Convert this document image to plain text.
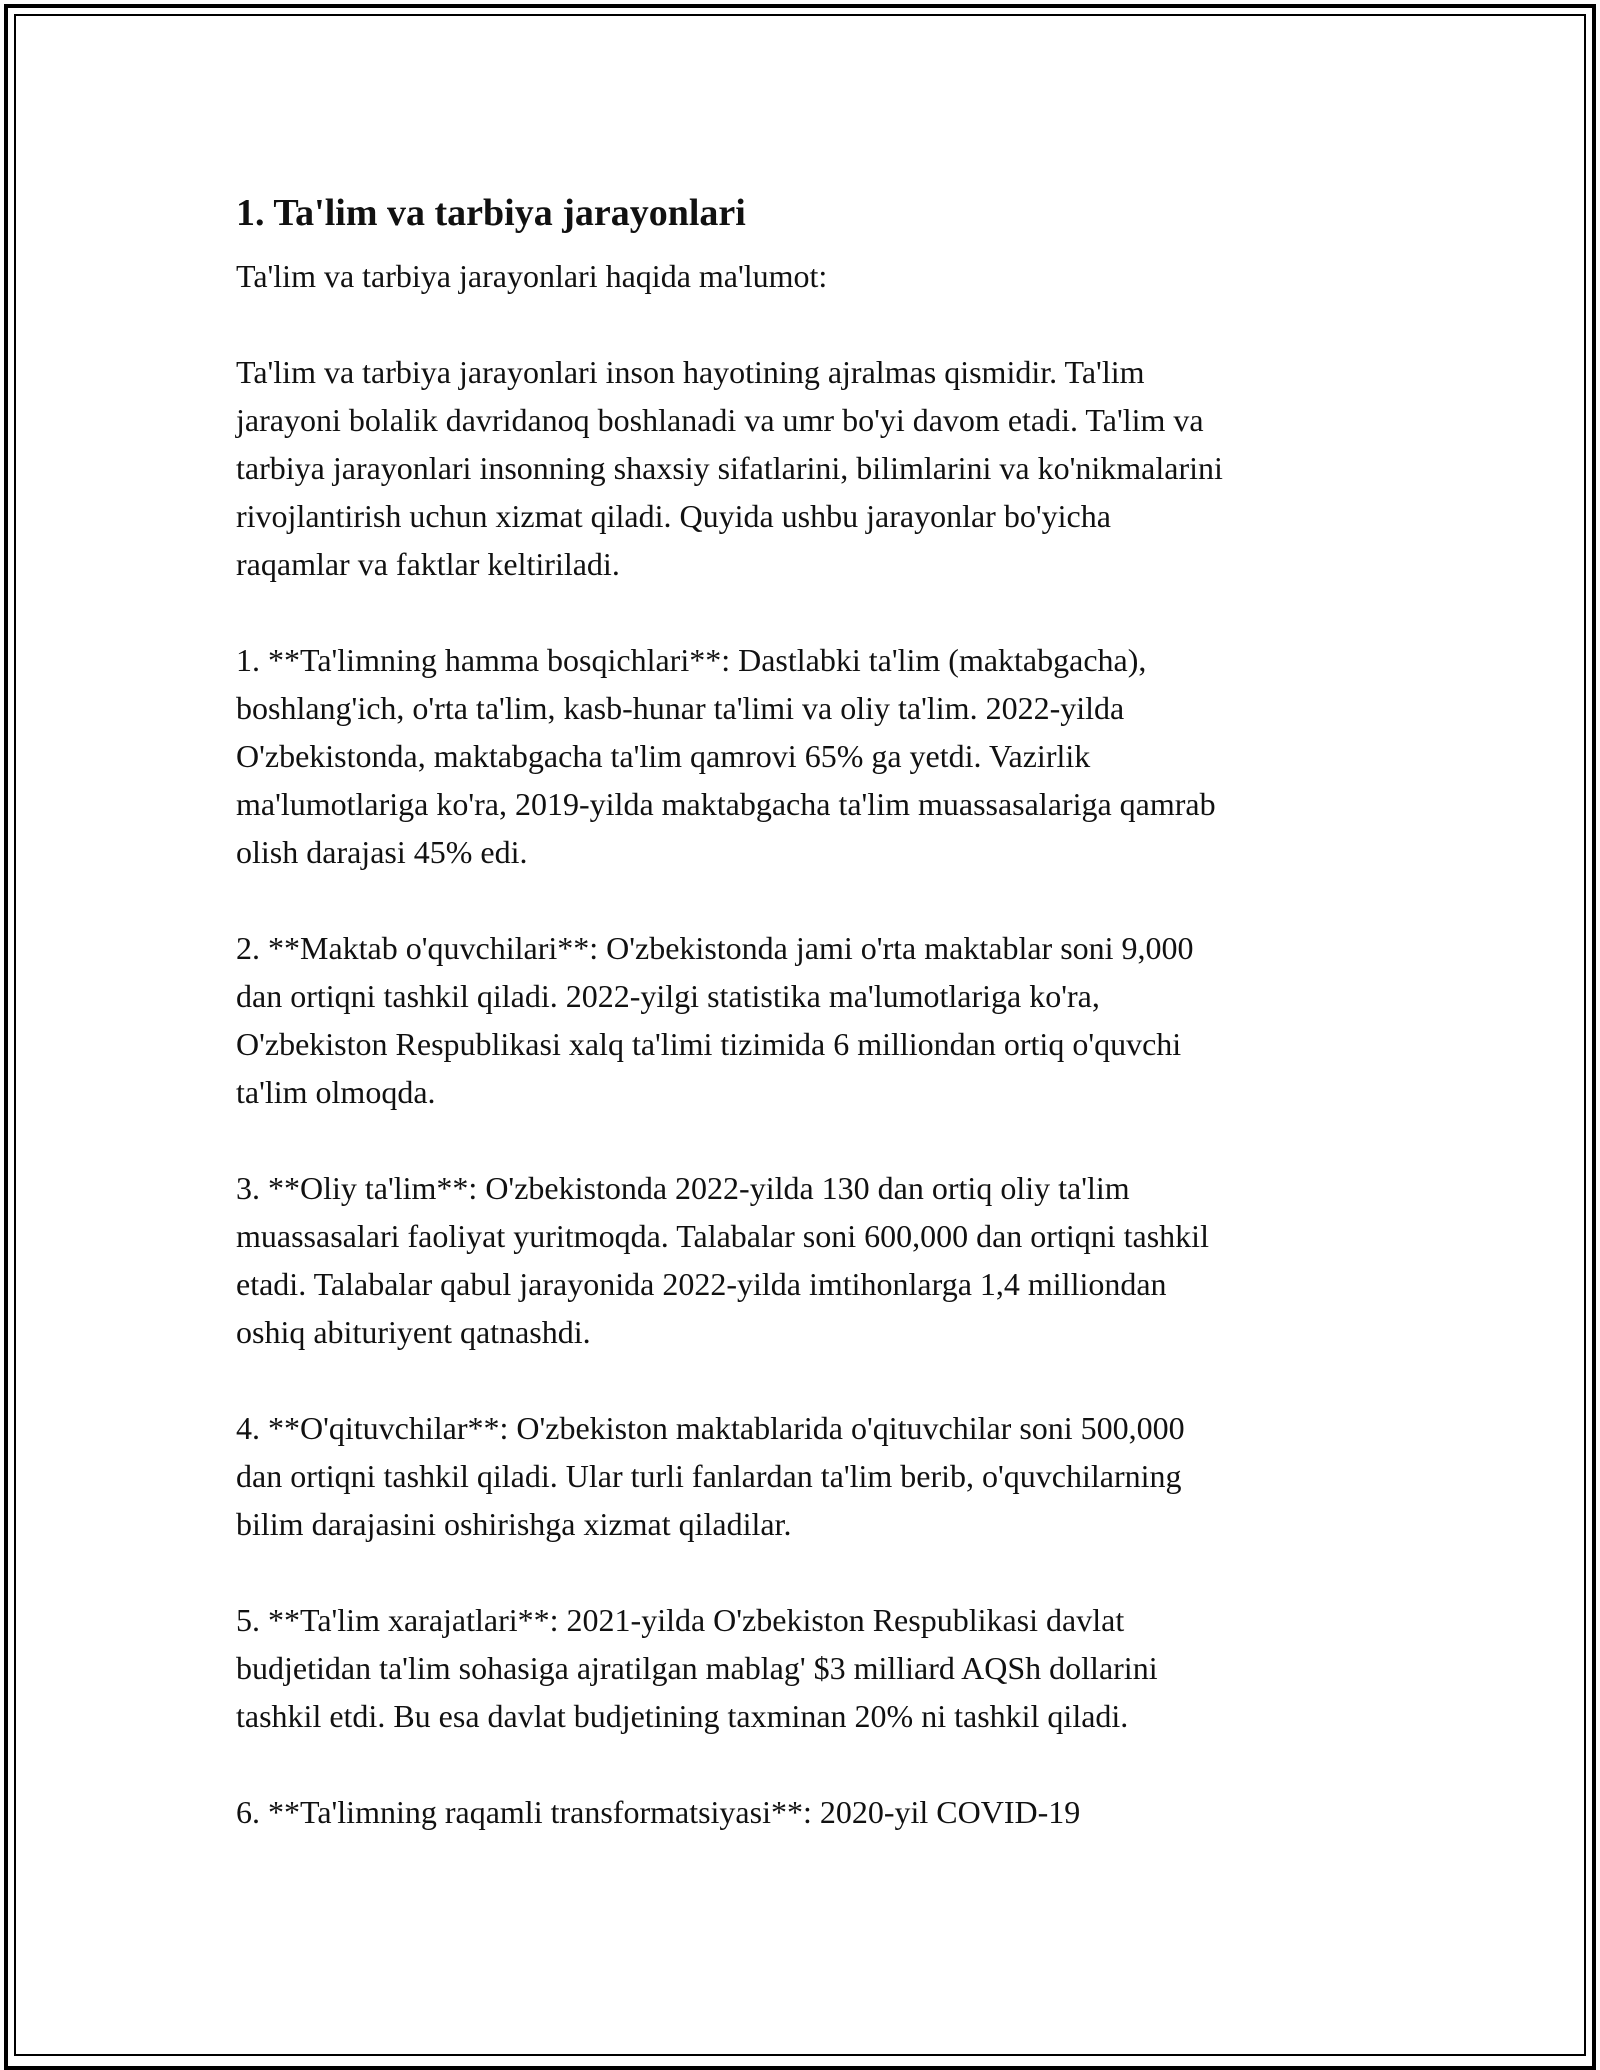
1. Ta'lim va tarbiya jarayonlari

Ta'lim va tarbiya jarayonlari haqida ma'lumot:

Ta'lim va tarbiya jarayonlari inson hayotining ajralmas qismidir. Ta'lim
jarayoni bolalik davridanoq boshlanadi va umr bo'yi davom etadi. Ta'lim va
tarbiya jarayonlari insonning shaxsiy sifatlarini, bilimlarini va ko'nikmalarini
rivojlantirish uchun xizmat qiladi. Quyida ushbu jarayonlar bo'yicha
raqamlar va faktlar keltiriladi.

1. **Ta'limning hamma bosqichlari**: Dastlabki ta'lim (maktabgacha),
boshlang'ich, o'rta ta'lim, kasb-hunar ta'limi va oliy ta'lim. 2022-yilda
O'zbekistonda, maktabgacha ta'lim qamrovi 65% ga yetdi. Vazirlik
ma'lumotlariga ko'ra, 2019-yilda maktabgacha ta'lim muassasalariga qamrab
olish darajasi 45% edi.

2. **Maktab o'quvchilari**: O'zbekistonda jami o'rta maktablar soni 9,000
dan ortiqni tashkil qiladi. 2022-yilgi statistika ma'lumotlariga ko'ra,
O'zbekiston Respublikasi xalq ta'limi tizimida 6 milliondan ortiq o'quvchi
ta'lim olmoqda.

3. **Oliy ta'lim**: O'zbekistonda 2022-yilda 130 dan ortiq oliy ta'lim
muassasalari faoliyat yuritmoqda. Talabalar soni 600,000 dan ortiqni tashkil
etadi. Talabalar qabul jarayonida 2022-yilda imtihonlarga 1,4 milliondan
oshiq abituriyent qatnashdi.

4. **O'qituvchilar**: O'zbekiston maktablarida o'qituvchilar soni 500,000
dan ortiqni tashkil qiladi. Ular turli fanlardan ta'lim berib, o'quvchilarning
bilim darajasini oshirishga xizmat qiladilar.

5. **Ta'lim xarajatlari**: 2021-yilda O'zbekiston Respublikasi davlat
budjetidan ta'lim sohasiga ajratilgan mablag' $3 milliard AQSh dollarini
tashkil etdi. Bu esa davlat budjetining taxminan 20% ni tashkil qiladi.

6. **Ta'limning raqamli transformatsiyasi**: 2020-yil COVID-19
